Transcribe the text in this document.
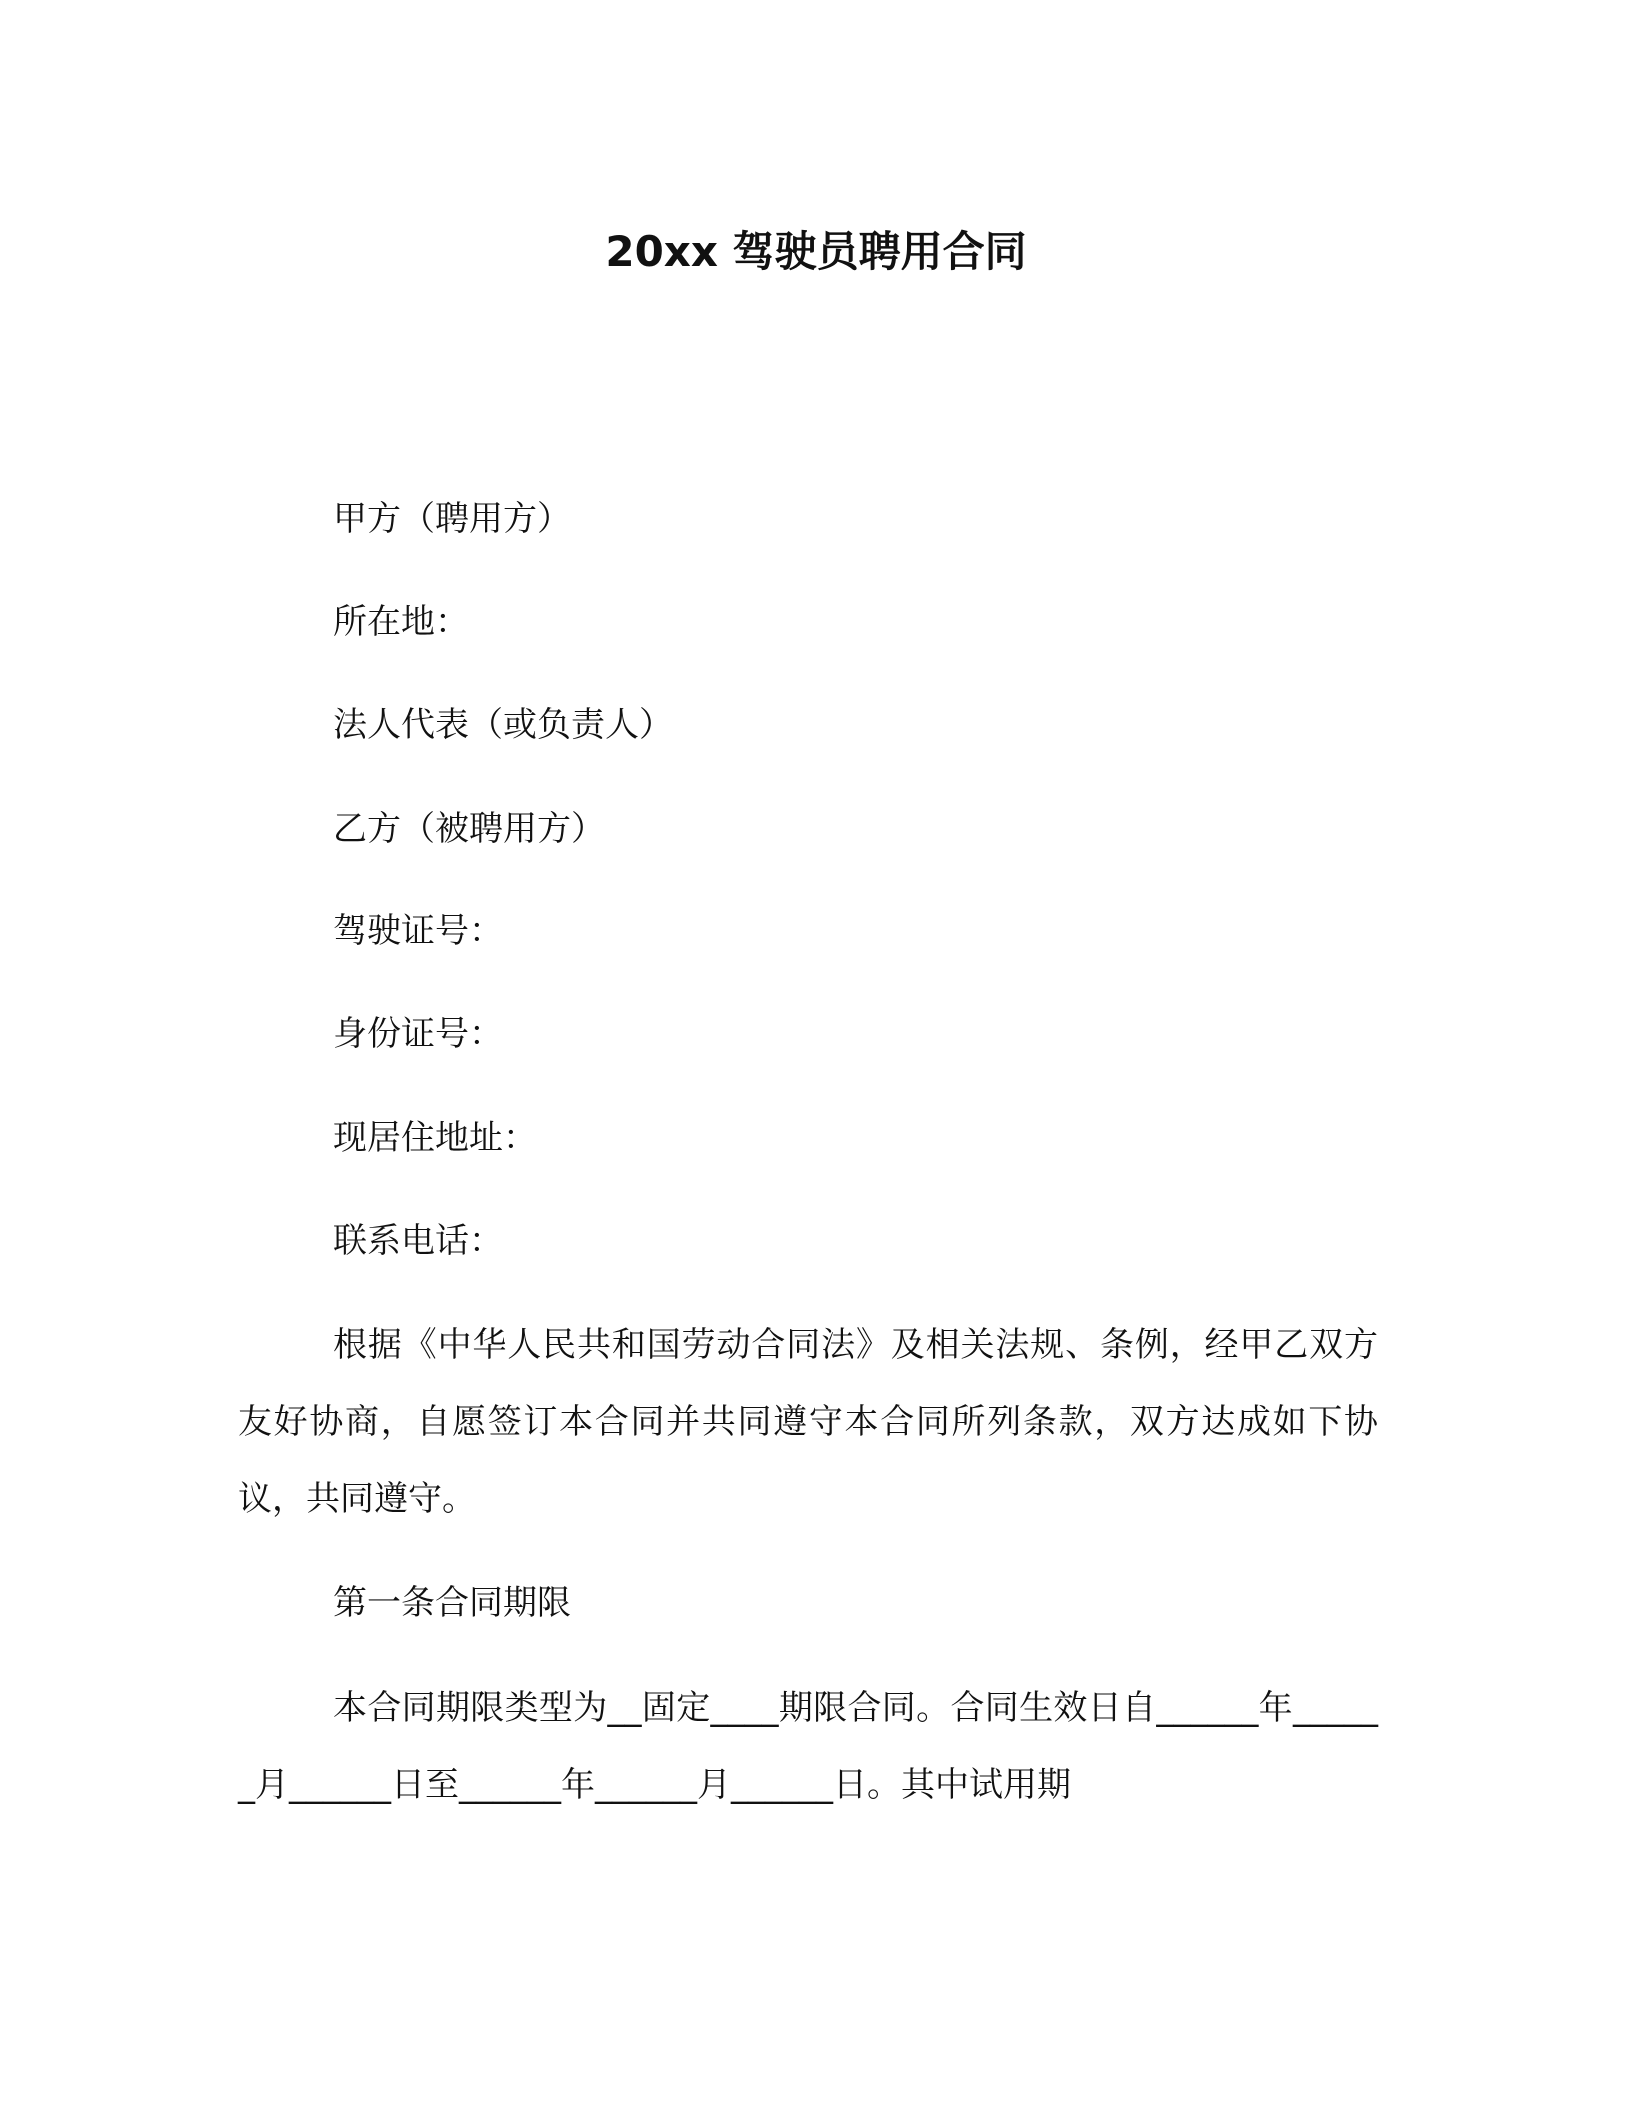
20xx 驾驶员聘用合同
甲方（聘用方）
所在地：
法人代表（或负责人）
乙方（被聘用方）
驾驶证号：
身份证号：
现居住地址：
联系电话：
根据《中华人民共和国劳动合同法》及相关法规、条例，经甲乙双方友好协商，自愿签订本合同并共同遵守本合同所列条款，双方达成如下协议，共同遵守。
第一条合同期限
本合同期限类型为__固定____期限合同。合同生效日自______年______月______日至______年______月______日。其中试用期
